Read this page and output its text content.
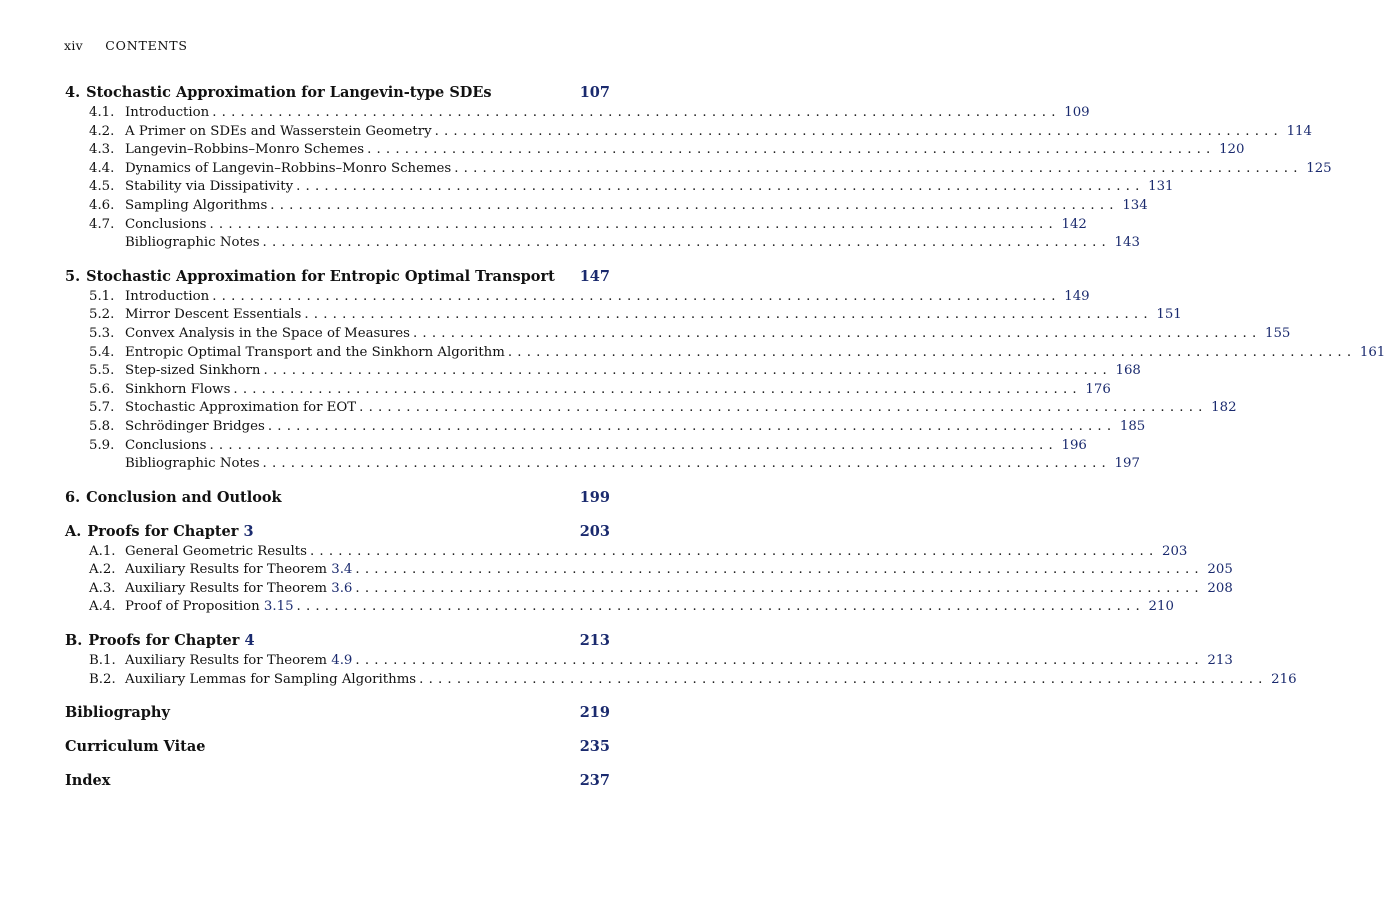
xiv CONTENTS
4. Stochastic Approximation for Langevin-type SDEs	107
4.1. Introduction .......................................................................................... 109
4.2. A Primer on SDEs and Wasserstein Geometry .......................................................................................... 114
4.3. Langevin–Robbins–Monro Schemes .......................................................................................... 120
4.4. Dynamics of Langevin–Robbins–Monro Schemes .......................................................................................... 125
4.5. Stability via Dissipativity .......................................................................................... 131
4.6. Sampling Algorithms .......................................................................................... 134
4.7. Conclusions .......................................................................................... 142
Bibliographic Notes .......................................................................................... 143
5. Stochastic Approximation for Entropic Optimal Transport	147
5.1. Introduction .......................................................................................... 149
5.2. Mirror Descent Essentials .......................................................................................... 151
5.3. Convex Analysis in the Space of Measures .......................................................................................... 155
5.4. Entropic Optimal Transport and the Sinkhorn Algorithm .......................................................................................... 161
5.5. Step-sized Sinkhorn .......................................................................................... 168
5.6. Sinkhorn Flows .......................................................................................... 176
5.7. Stochastic Approximation for EOT .......................................................................................... 182
5.8. Schrödinger Bridges .......................................................................................... 185
5.9. Conclusions .......................................................................................... 196
Bibliographic Notes .......................................................................................... 197
6. Conclusion and Outlook	199
A. Proofs for Chapter 3	203
A.1. General Geometric Results .......................................................................................... 203
A.2. Auxiliary Results for Theorem 3.4 .......................................................................................... 205
A.3. Auxiliary Results for Theorem 3.6 .......................................................................................... 208
A.4. Proof of Proposition 3.15 .......................................................................................... 210
B. Proofs for Chapter 4	213
B.1. Auxiliary Results for Theorem 4.9 .......................................................................................... 213
B.2. Auxiliary Lemmas for Sampling Algorithms .......................................................................................... 216
Bibliography	219
Curriculum Vitae	235
Index	237
